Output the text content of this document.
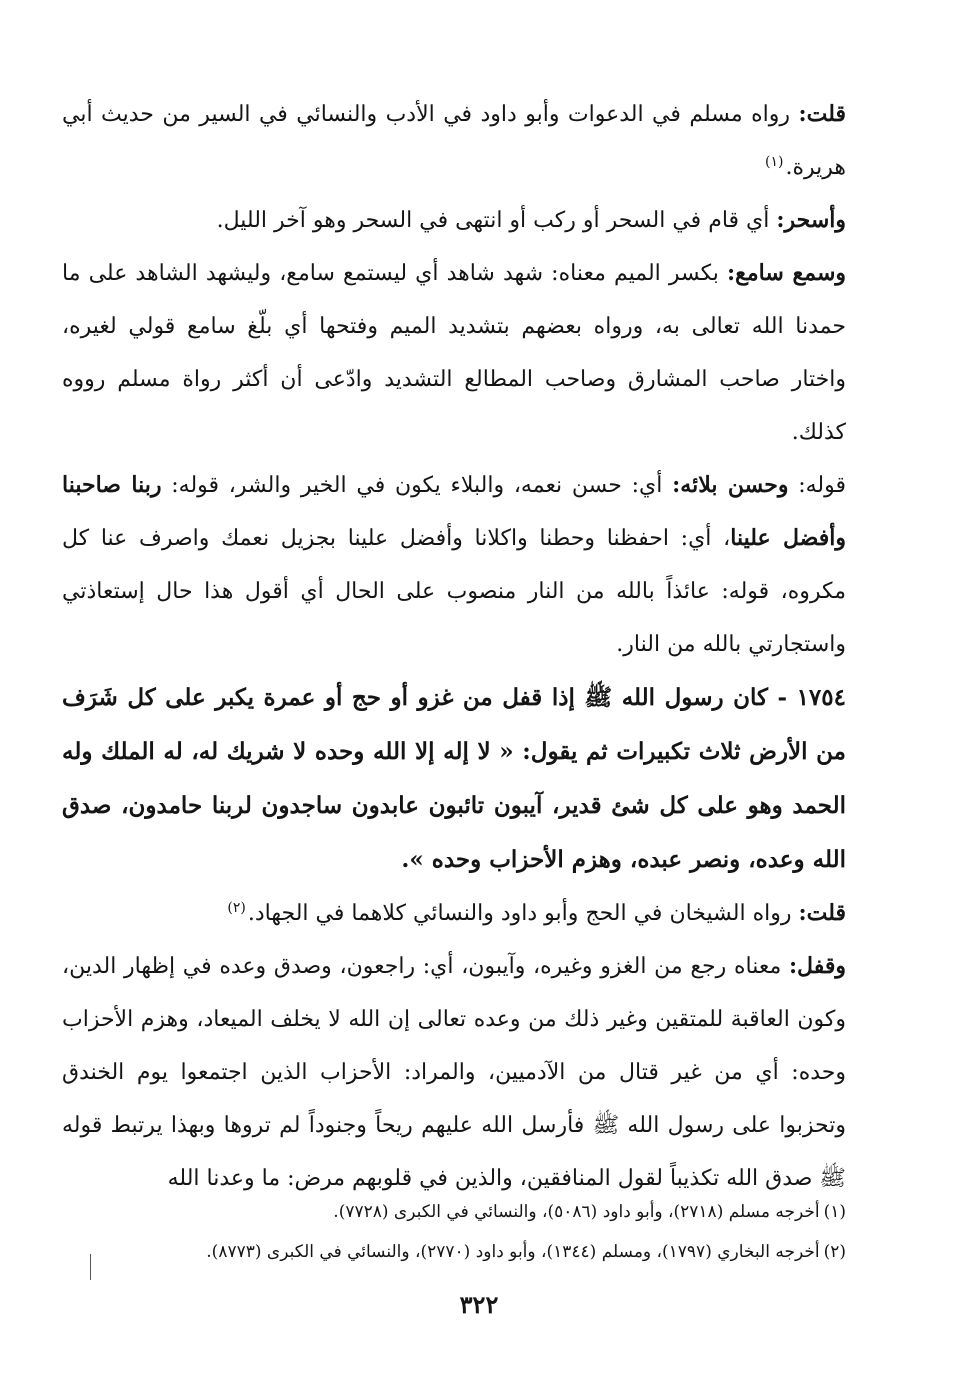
قلت: رواه مسلم في الدعوات وأبو داود في الأدب والنسائي في السير من حديث أبي هريرة.$^{(١)}$

وأسحر: أي قام في السحر أو ركب أو انتهى في السحر وهو آخر الليل.

وسمع سامع: بكسر الميم معناه: شهد شاهد أي ليستمع سامع، وليشهد الشاهد على ما حمدنا الله تعالى به، ورواه بعضهم بتشديد الميم وفتحها أي بلّغ سامع قولي لغيره، واختار صاحب المشارق وصاحب المطالع التشديد وادّعى أن أكثر رواة مسلم رووه كذلك.

قوله: وحسن بلائه: أي: حسن نعمه، والبلاء يكون في الخير والشر، قوله: ربنا صاحبنا وأفضل علينا، أي: احفظنا وحطنا واكلانا وأفضل علينا بجزيل نعمك واصرف عنا كل مكروه، قوله: عائذاً بالله من النار منصوب على الحال أي أقول هذا حال إستعاذتي واستجارتي بالله من النار.

١٧٥٤ - كان رسول الله ﷺ إذا قفل من غزو أو حج أو عمرة يكبر على كل شَرَف من الأرض ثلاث تكبيرات ثم يقول: « لا إله إلا الله وحده لا شريك له، له الملك وله الحمد وهو على كل شئ قدير، آيبون تائبون عابدون ساجدون لربنا حامدون، صدق الله وعده، ونصر عبده، وهزم الأحزاب وحده ».

قلت: رواه الشيخان في الحج وأبو داود والنسائي كلاهما في الجهاد.$^{(٢)}$

وقفل: معناه رجع من الغزو وغيره، وآيبون، أي: راجعون، وصدق وعده في إظهار الدين، وكون العاقبة للمتقين وغير ذلك من وعده تعالى إن الله لا يخلف الميعاد، وهزم الأحزاب وحده: أي من غير قتال من الآدميين، والمراد: الأحزاب الذين اجتمعوا يوم الخندق وتحزبوا على رسول الله ﷺ فأرسل الله عليهم ريحاً وجنوداً لم تروها وبهذا يرتبط قوله ﷺ صدق الله تكذيباً لقول المنافقين، والذين في قلوبهم مرض: ما وعدنا الله

(١)أخرجه مسلم (٢٧١٨)، وأبو داود (٥٠٨٦)، والنسائي في الكبرى (٧٧٢٨).

(٢)أخرجه البخاري (١٧٩٧)، ومسلم (١٣٤٤)، وأبو داود (٢٧٧٠)، والنسائي في الكبرى (٨٧٧٣).

٣٢٢
